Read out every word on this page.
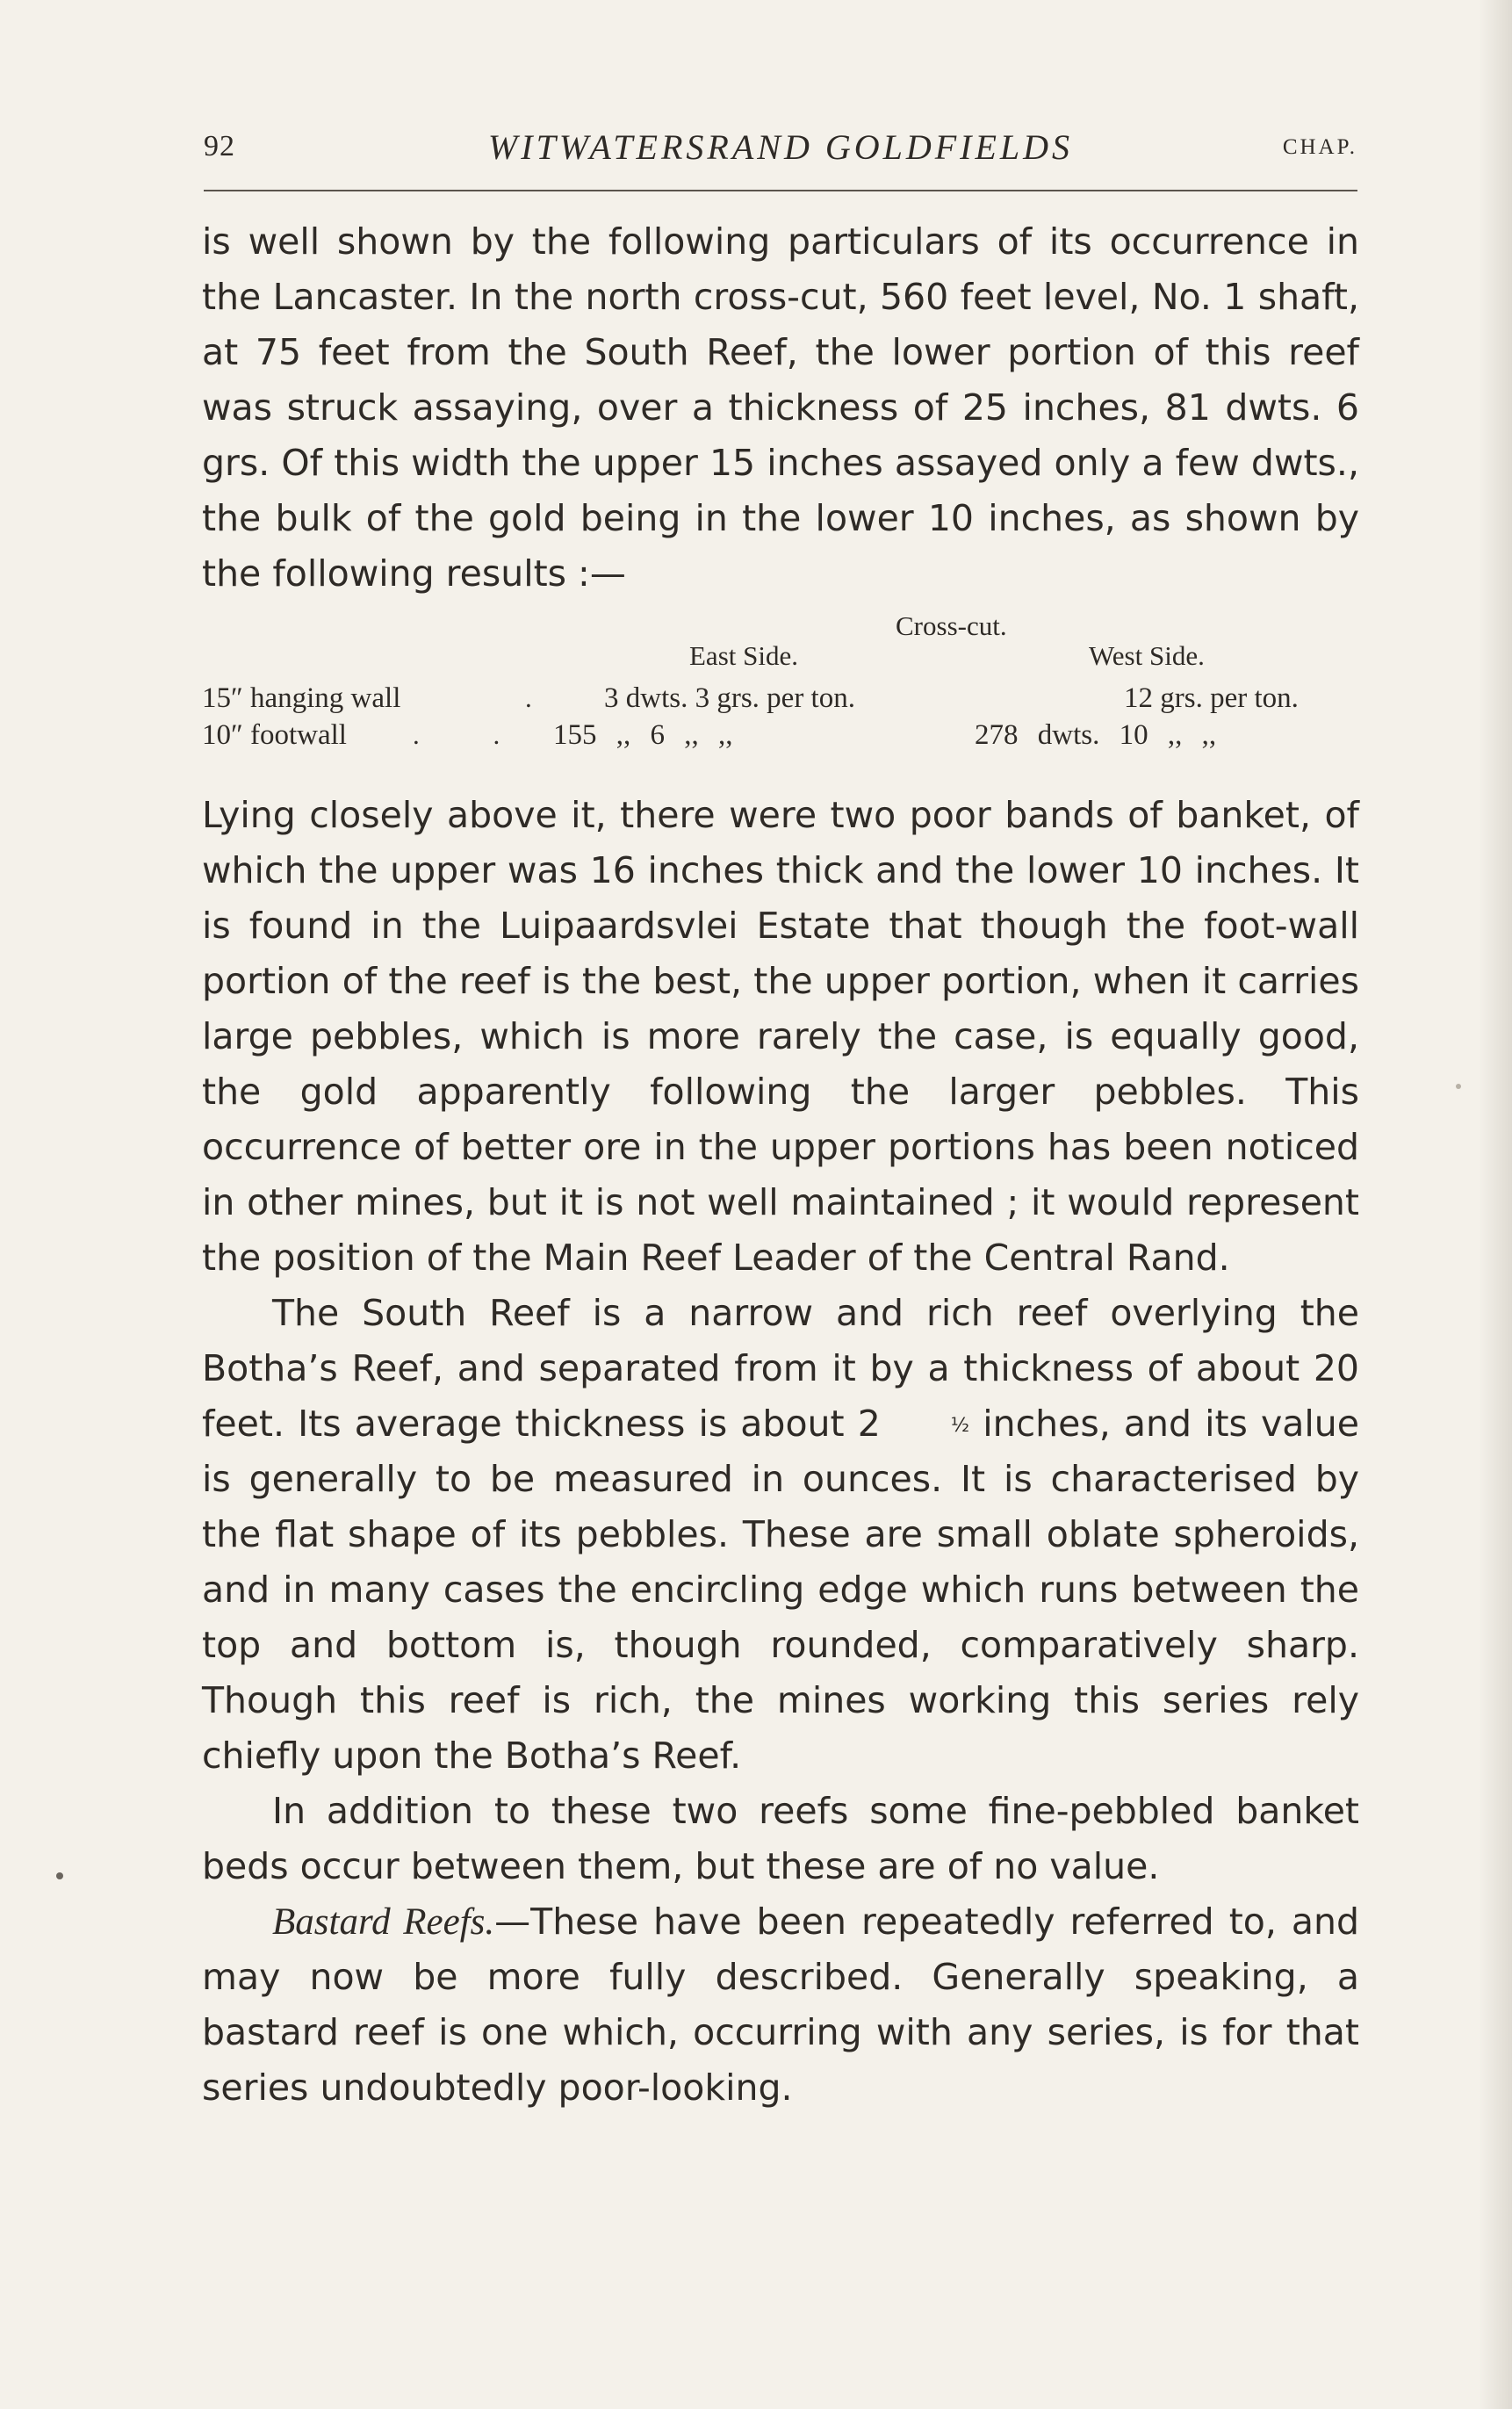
92	WITWATERSRAND GOLDFIELDS	CHAP.

is well shown by the following particulars of its occurrence in the Lancaster. In the north cross-cut, 560 feet level, No. 1 shaft, at 75 feet from the South Reef, the lower portion of this reef was struck assaying, over a thickness of 25 inches, 81 dwts. 6 grs. Of this width the upper 15 inches assayed only a few dwts., the bulk of the gold being in the lower 10 inches, as shown by the following results :—

Cross-cut.
East Side.	West Side.
15″ hanging wall	. 3 dwts. 3 grs. per ton.	12 grs. per ton.
10″ footwall . . 155 ,, 6 ,, ,,	278 dwts. 10 ,, ,,

Lying closely above it, there were two poor bands of banket, of which the upper was 16 inches thick and the lower 10 inches. It is found in the Luipaardsvlei Estate that though the foot-wall portion of the reef is the best, the upper portion, when it carries large pebbles, which is more rarely the case, is equally good, the gold apparently following the larger pebbles. This occurrence of better ore in the upper portions has been noticed in other mines, but it is not well maintained ; it would represent the position of the Main Reef Leader of the Central Rand.

The South Reef is a narrow and rich reef overlying the Botha’s Reef, and separated from it by a thickness of about 20 feet. Its average thickness is about 2	½ inches, and its value is generally to be measured in ounces. It is characterised by the flat shape of its pebbles. These are small oblate spheroids, and in many cases the encircling edge which runs between the top and bottom is, though rounded, comparatively sharp. Though this reef is rich, the mines working this series rely chiefly upon the Botha’s Reef.

In addition to these two reefs some fine-pebbled banket beds occur between them, but these are of no value.

Bastard Reefs.—These have been repeatedly referred to, and may now be more fully described. Generally speaking, a bastard reef is one which, occurring with any series, is for that series undoubtedly poor-looking.
